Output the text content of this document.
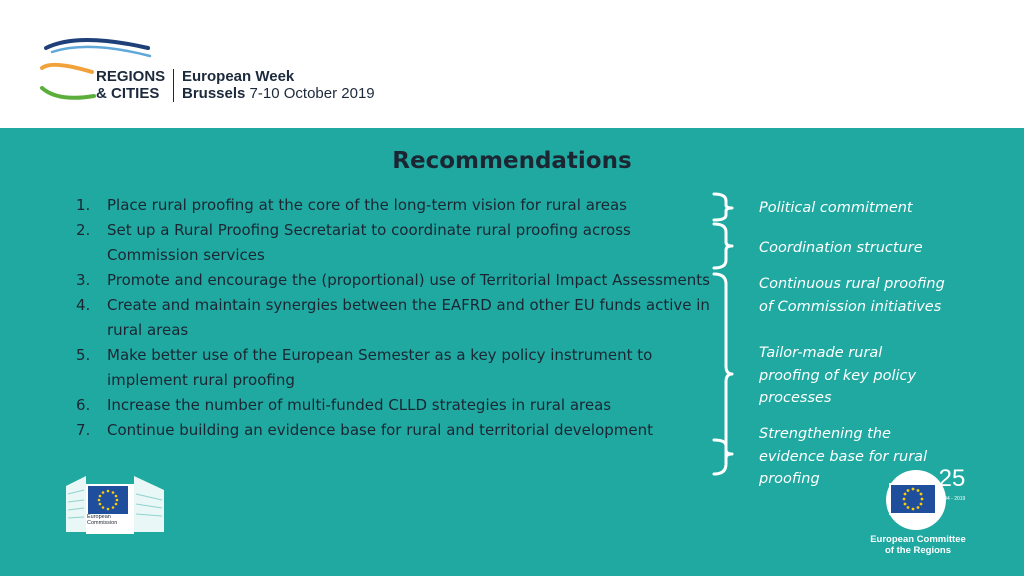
REGIONS
& CITIES
European Week
Brussels 7-10 October 2019
Recommendations
1. Place rural proofing at the core of the long-term vision for rural areas
2. Set up a Rural Proofing Secretariat to coordinate rural proofing across Commission services
3. Promote and encourage the (proportional) use of Territorial Impact Assessments
4. Create and maintain synergies between the EAFRD and other EU funds active in rural areas
5. Make better use of the European Semester as a key policy instrument to implement rural proofing
6. Increase the number of multi-funded CLLD strategies in rural areas
7. Continue building an evidence base for rural and territorial development
Political commitment
Coordination structure
Continuous rural proofing of Commission initiatives
Tailor-made rural proofing of key policy processes
Strengthening the evidence base for rural proofing
European
Commission
25
1994 - 2019
European Committee
of the Regions
